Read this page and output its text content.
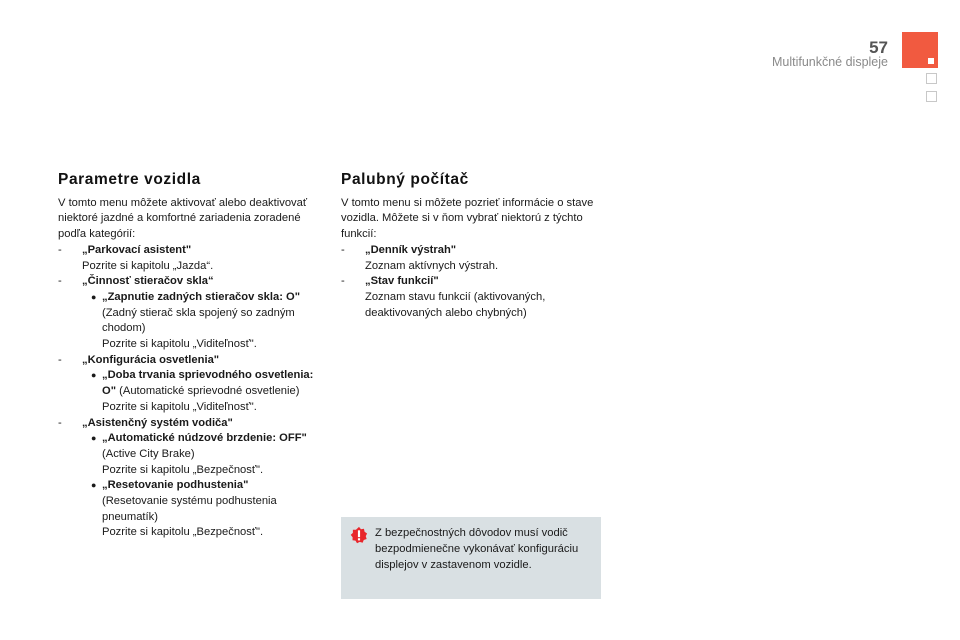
57
Multifunkčné displeje
Parametre vozidla

V tomto menu môžete aktivovať alebo deaktivovať niektoré jazdné a komfortné zariadenia zoradené podľa kategórií:

- „Parkovací asistent"
Pozrite si kapitolu „Jazda“.
- „Činnosť stieračov skla“
● „Zapnutie zadných stieračov skla: O"
(Zadný stierač skla spojený so zadným chodom)
Pozrite si kapitolu „Viditeľnosť".
- „Konfigurácia osvetlenia"
● „Doba trvania sprievodného osvetlenia: O" (Automatické sprievodné osvetlenie)
Pozrite si kapitolu „Viditeľnosť".
- „Asistenčný systém vodiča"
● „Automatické núdzové brzdenie: OFF" (Active City Brake)
Pozrite si kapitolu „Bezpečnosť".
● „Resetovanie podhustenia"
(Resetovanie systému podhustenia pneumatík)
Pozrite si kapitolu „Bezpečnosť".
Palubný počítač

V tomto menu si môžete pozrieť informácie o stave vozidla. Môžete si v ňom vybrať niektorú z týchto funkcií:

- „Denník výstrah"
Zoznam aktívnych výstrah.
- „Stav funkcií"
Zoznam stavu funkcií (aktivovaných, deaktivovaných alebo chybných)
Z bezpečnostných dôvodov musí vodič bezpodmienečne vykonávať konfiguráciu displejov v zastavenom vozidle.
